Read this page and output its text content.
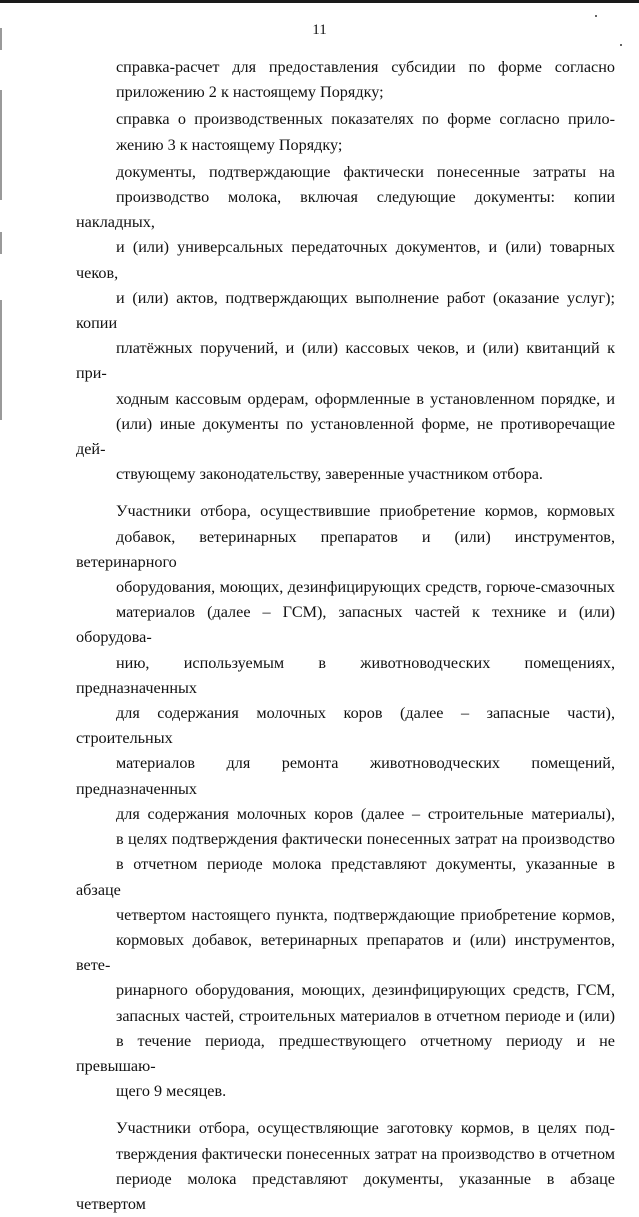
11

справка-расчет для предоставления субсидии по форме согласно
приложению 2 к настоящему Порядку;

справка о производственных показателях по форме согласно прило-
жению 3 к настоящему Порядку;

документы, подтверждающие фактически понесенные затраты на
производство молока, включая следующие документы: копии накладных,
и (или) универсальных передаточных документов, и (или) товарных чеков,
и (или) актов, подтверждающих выполнение работ (оказание услуг); копии
платёжных поручений, и (или) кассовых чеков, и (или) квитанций к при-
ходным кассовым ордерам, оформленные в установленном порядке, и
(или) иные документы по установленной форме, не противоречащие дей-
ствующему законодательству, заверенные участником отбора.

Участники отбора, осуществившие приобретение кормов, кормовых
добавок, ветеринарных препаратов и (или) инструментов, ветеринарного
оборудования, моющих, дезинфицирующих средств, горюче-смазочных
материалов (далее – ГСМ), запасных частей к технике и (или) оборудова-
нию, используемым в животноводческих помещениях, предназначенных
для содержания молочных коров (далее – запасные части), строительных
материалов для ремонта животноводческих помещений, предназначенных
для содержания молочных коров (далее – строительные материалы),
в целях подтверждения фактически понесенных затрат на производство
в отчетном периоде молока представляют документы, указанные в абзаце
четвертом настоящего пункта, подтверждающие приобретение кормов,
кормовых добавок, ветеринарных препаратов и (или) инструментов, вете-
ринарного оборудования, моющих, дезинфицирующих средств, ГСМ,
запасных частей, строительных материалов в отчетном периоде и (или)
в течение периода, предшествующего отчетному периоду и не превышаю-
щего 9 месяцев.

Участники отбора, осуществляющие заготовку кормов, в целях под-
тверждения фактически понесенных затрат на производство в отчетном
периоде молока представляют документы, указанные в абзаце четвертом
